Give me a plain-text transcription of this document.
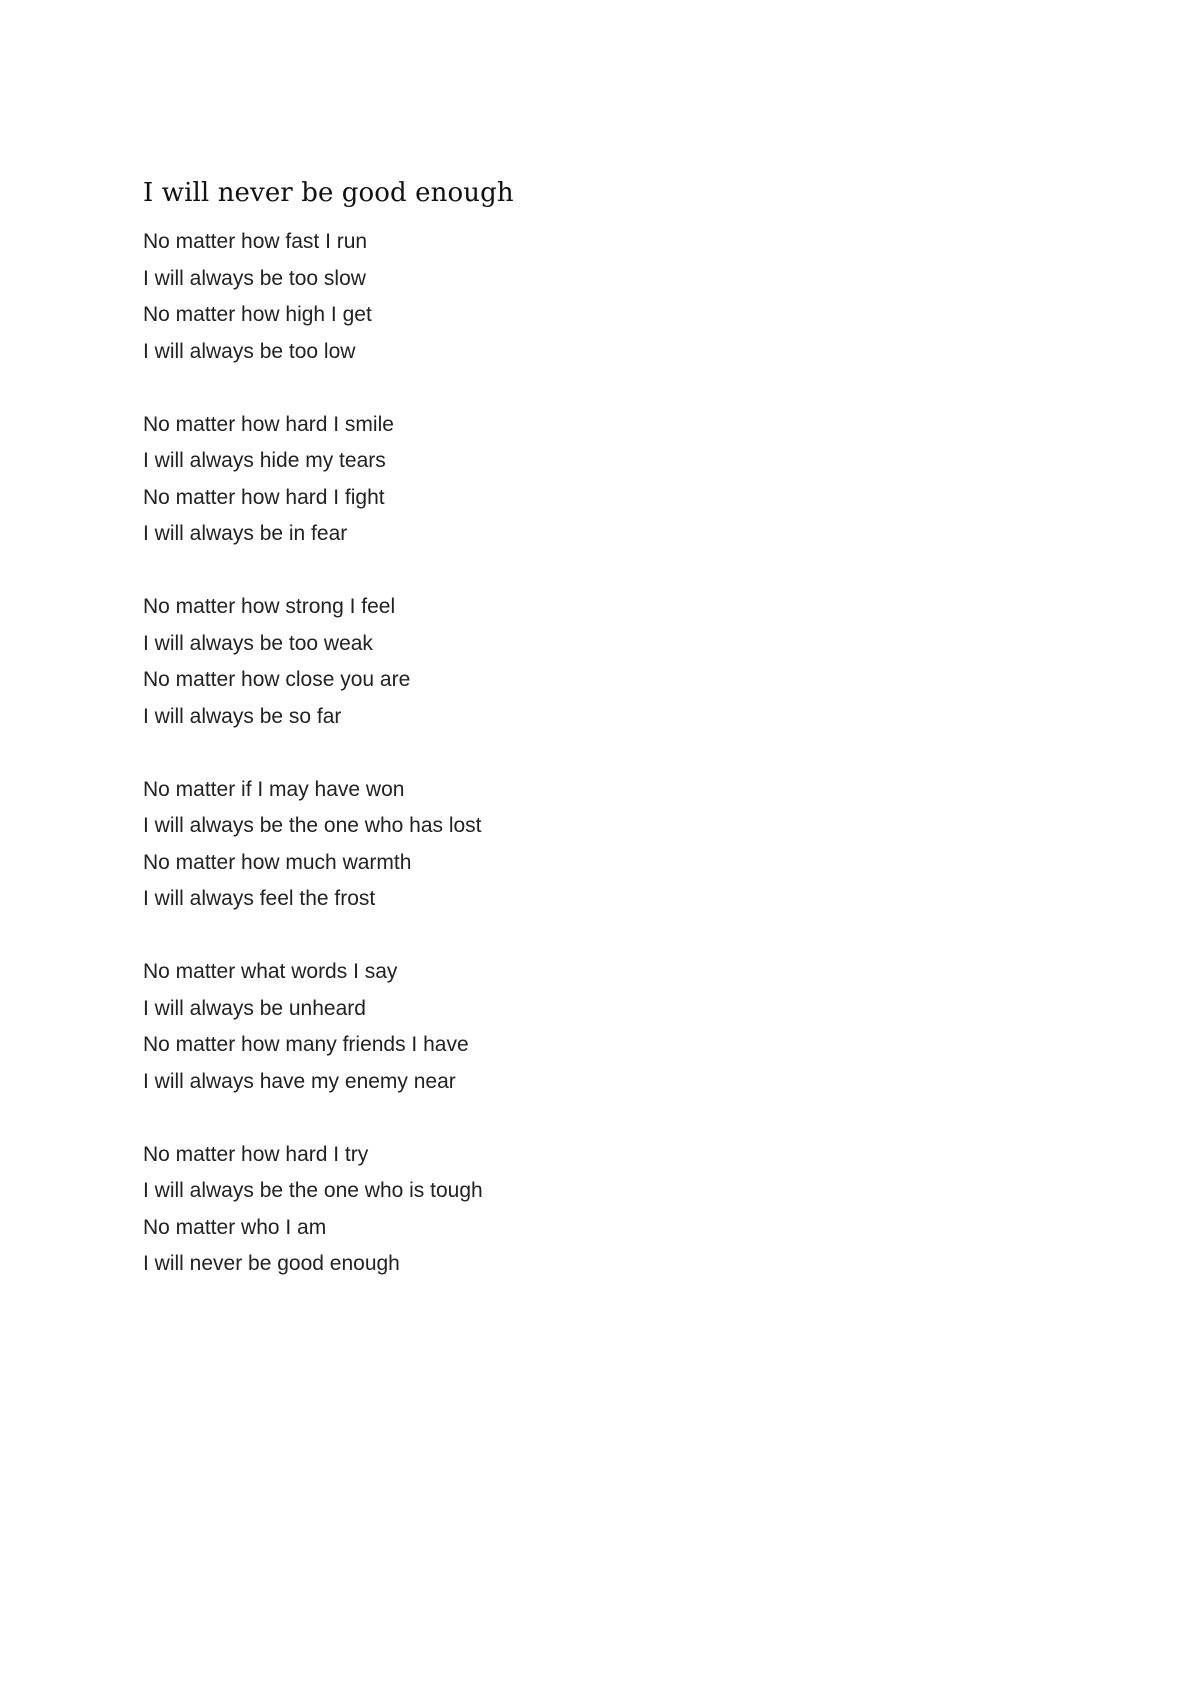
I will never be good enough
No matter how fast I run
I will always be too slow
No matter how high I get
I will always be too low
No matter how hard I smile
I will always hide my tears
No matter how hard I fight
I will always be in fear
No matter how strong I feel
I will always be too weak
No matter how close you are
I will always be so far
No matter if I may have won
I will always be the one who has lost
No matter how much warmth
I will always feel the frost
No matter what words I say
I will always be unheard
No matter how many friends I have
I will always have my enemy near
No matter how hard I try
I will always be the one who is tough
No matter who I am
I will never be good enough
